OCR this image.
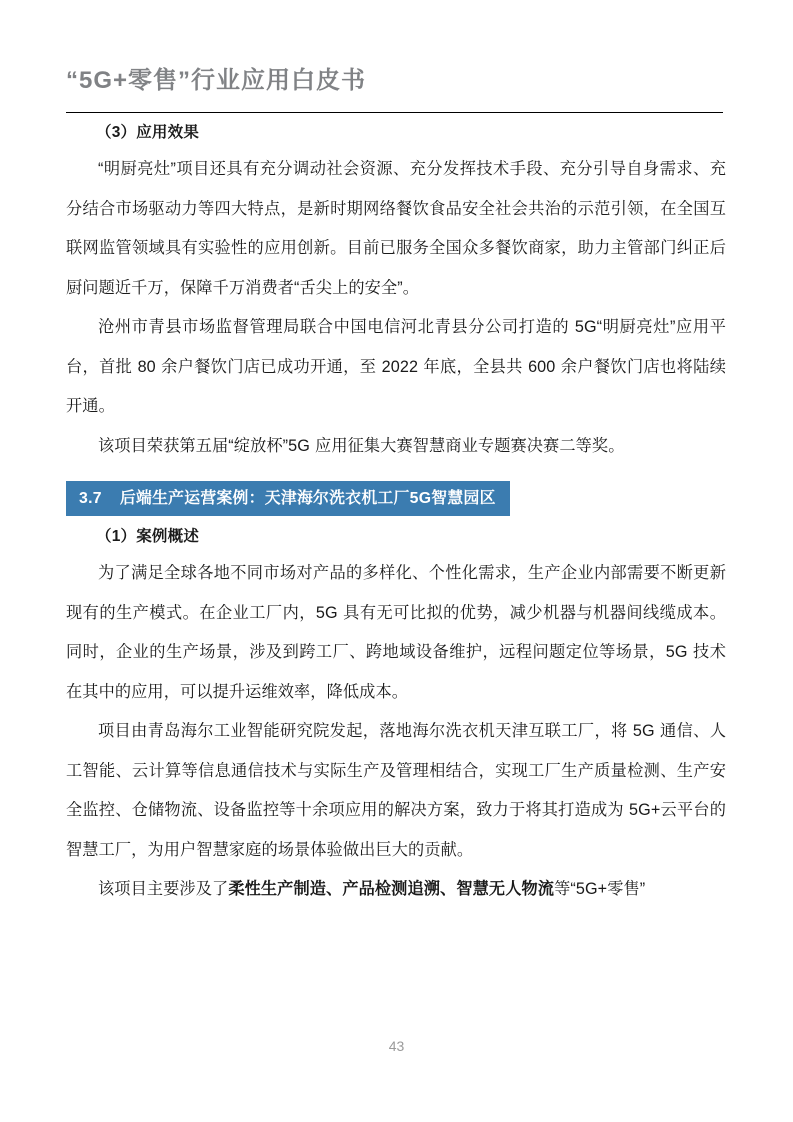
“5G+零售”行业应用白皮书
（3）应用效果

“明厨亮灶”项目还具有充分调动社会资源、充分发挥技术手段、充分引导自身需求、充分结合市场驱动力等四大特点，是新时期网络餐饮食品安全社会共治的示范引领，在全国互联网监管领域具有实验性的应用创新。目前已服务全国众多餐饮商家，助力主管部门纠正后厨问题近千万，保障千万消费者“舌尖上的安全”。

沧州市青县市场监督管理局联合中国电信河北青县分公司打造的 5G“明厨亮灶”应用平台，首批 80 余户餐饮门店已成功开通，至 2022 年底，全县共 600 余户餐饮门店也将陆续开通。

该项目荣获第五届“绽放杯”5G 应用征集大赛智慧商业专题赛决赛二等奖。

3.7 后端生产运营案例：天津海尔洗衣机工厂5G智慧园区
（1）案例概述

为了满足全球各地不同市场对产品的多样化、个性化需求，生产企业内部需要不断更新现有的生产模式。在企业工厂内，5G 具有无可比拟的优势，减少机器与机器间线缆成本。同时，企业的生产场景，涉及到跨工厂、跨地域设备维护，远程问题定位等场景，5G 技术在其中的应用，可以提升运维效率，降低成本。

项目由青岛海尔工业智能研究院发起，落地海尔洗衣机天津互联工厂，将 5G 通信、人工智能、云计算等信息通信技术与实际生产及管理相结合，实现工厂生产质量检测、生产安全监控、仓储物流、设备监控等十余项应用的解决方案，致力于将其打造成为 5G+云平台的智慧工厂，为用户智慧家庭的场景体验做出巨大的贡献。

该项目主要涉及了柔性生产制造、产品检测追溯、智慧无人物流等“5G+零售”

43
